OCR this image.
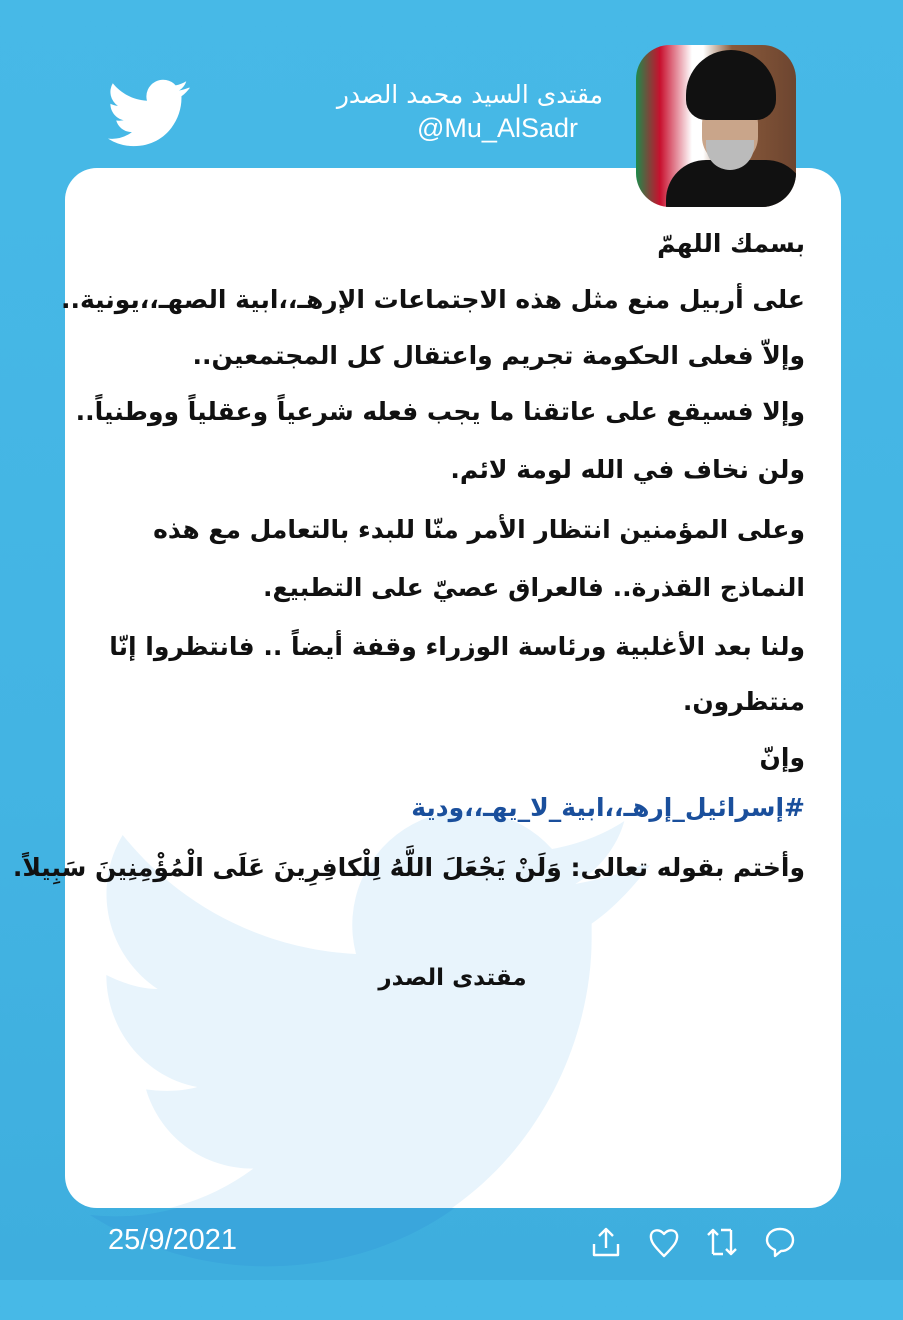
مقتدى السيد محمد الصدر
@Mu_AlSadr
بسمك اللهمّ
على أربيل منع مثل هذه الاجتماعات الإرهـ،،ابية الصهـ،،يونية..
وإلاّ فعلى الحكومة تجريم واعتقال كل المجتمعين..
وإلا فسيقع على عاتقنا ما يجب فعله شرعياً وعقلياً ووطنياً..
ولن نخاف في الله لومة لائم.
وعلى المؤمنين انتظار الأمر منّا للبدء بالتعامل مع هذه
النماذج القذرة.. فالعراق عصيّ على التطبيع.
ولنا بعد الأغلبية ورئاسة الوزراء وقفة أيضاً .. فانتظروا إنّا
منتظرون.
وإنّ
#إسرائيل_إرهـ،،ابية_لا_يهـ،،ودية
وأختم بقوله تعالى: وَلَنْ يَجْعَلَ اللَّهُ لِلْكافِرِينَ عَلَى الْمُؤْمِنِينَ سَبِيلاً.
مقتدى الصدر
25/9/2021
